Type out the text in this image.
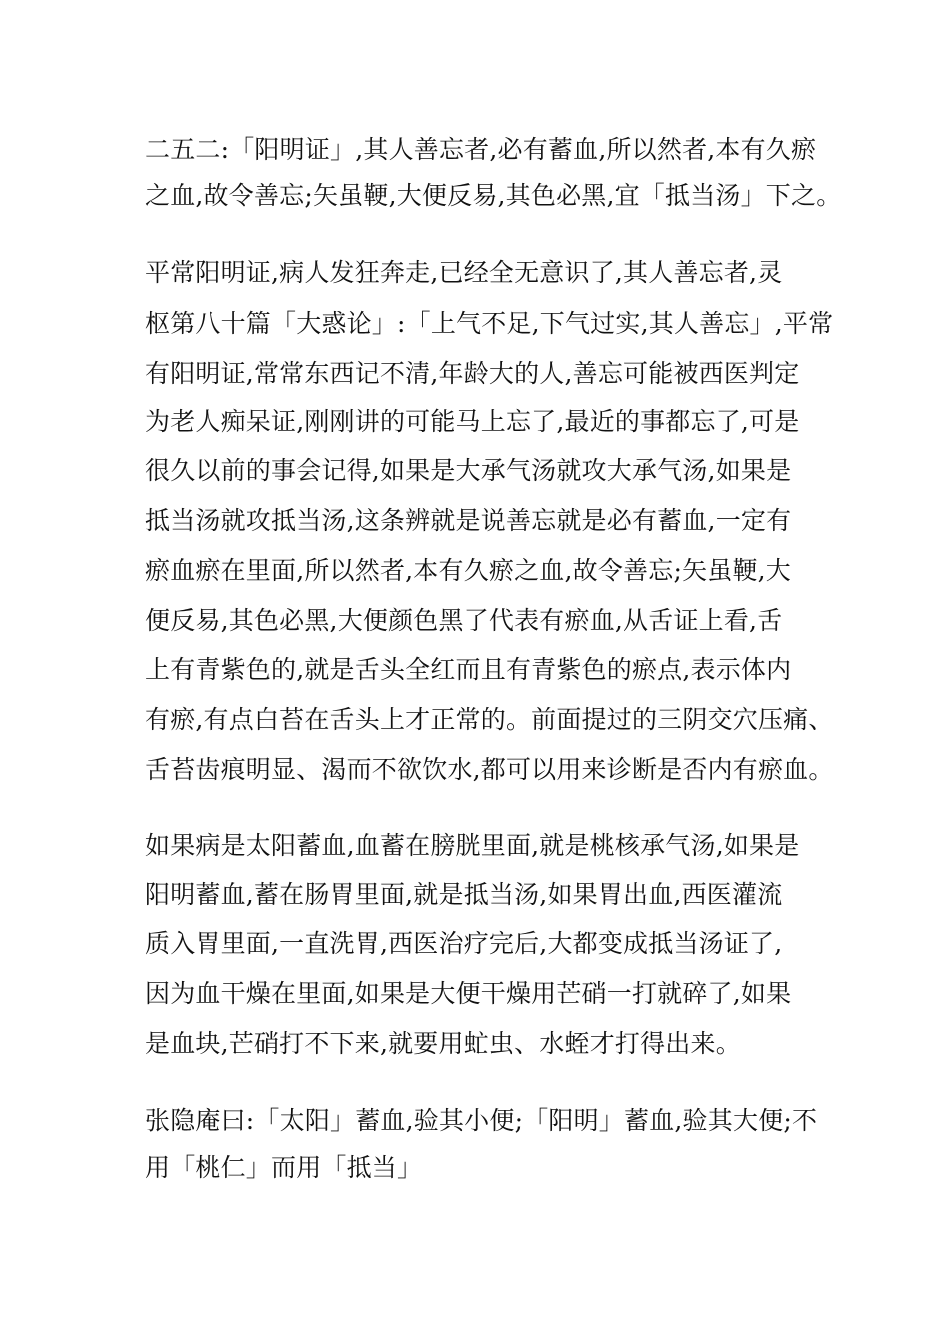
二五二:「阳明证」,其人善忘者,必有蓄血,所以然者,本有久瘀
之血,故令善忘;矢虽鞕,大便反易,其色必黑,宜「抵当汤」下之。
平常阳明证,病人发狂奔走,已经全无意识了,其人善忘者,灵
枢第八十篇「大惑论」:「上气不足,下气过实,其人善忘」,平常
有阳明证,常常东西记不清,年龄大的人,善忘可能被西医判定
为老人痴呆证,刚刚讲的可能马上忘了,最近的事都忘了,可是
很久以前的事会记得,如果是大承气汤就攻大承气汤,如果是
抵当汤就攻抵当汤,这条辨就是说善忘就是必有蓄血,一定有
瘀血瘀在里面,所以然者,本有久瘀之血,故令善忘;矢虽鞕,大
便反易,其色必黑,大便颜色黑了代表有瘀血,从舌证上看,舌
上有青紫色的,就是舌头全红而且有青紫色的瘀点,表示体内
有瘀,有点白苔在舌头上才正常的。前面提过的三阴交穴压痛、
舌苔齿痕明显、渴而不欲饮水,都可以用来诊断是否内有瘀血。
如果病是太阳蓄血,血蓄在膀胱里面,就是桃核承气汤,如果是
阳明蓄血,蓄在肠胃里面,就是抵当汤,如果胃出血,西医灌流
质入胃里面,一直洗胃,西医治疗完后,大都变成抵当汤证了,
因为血干燥在里面,如果是大便干燥用芒硝一打就碎了,如果
是血块,芒硝打不下来,就要用虻虫、水蛭才打得出来。
张隐庵曰:「太阳」蓄血,验其小便;「阳明」蓄血,验其大便;不
用「桃仁」而用「抵当」
